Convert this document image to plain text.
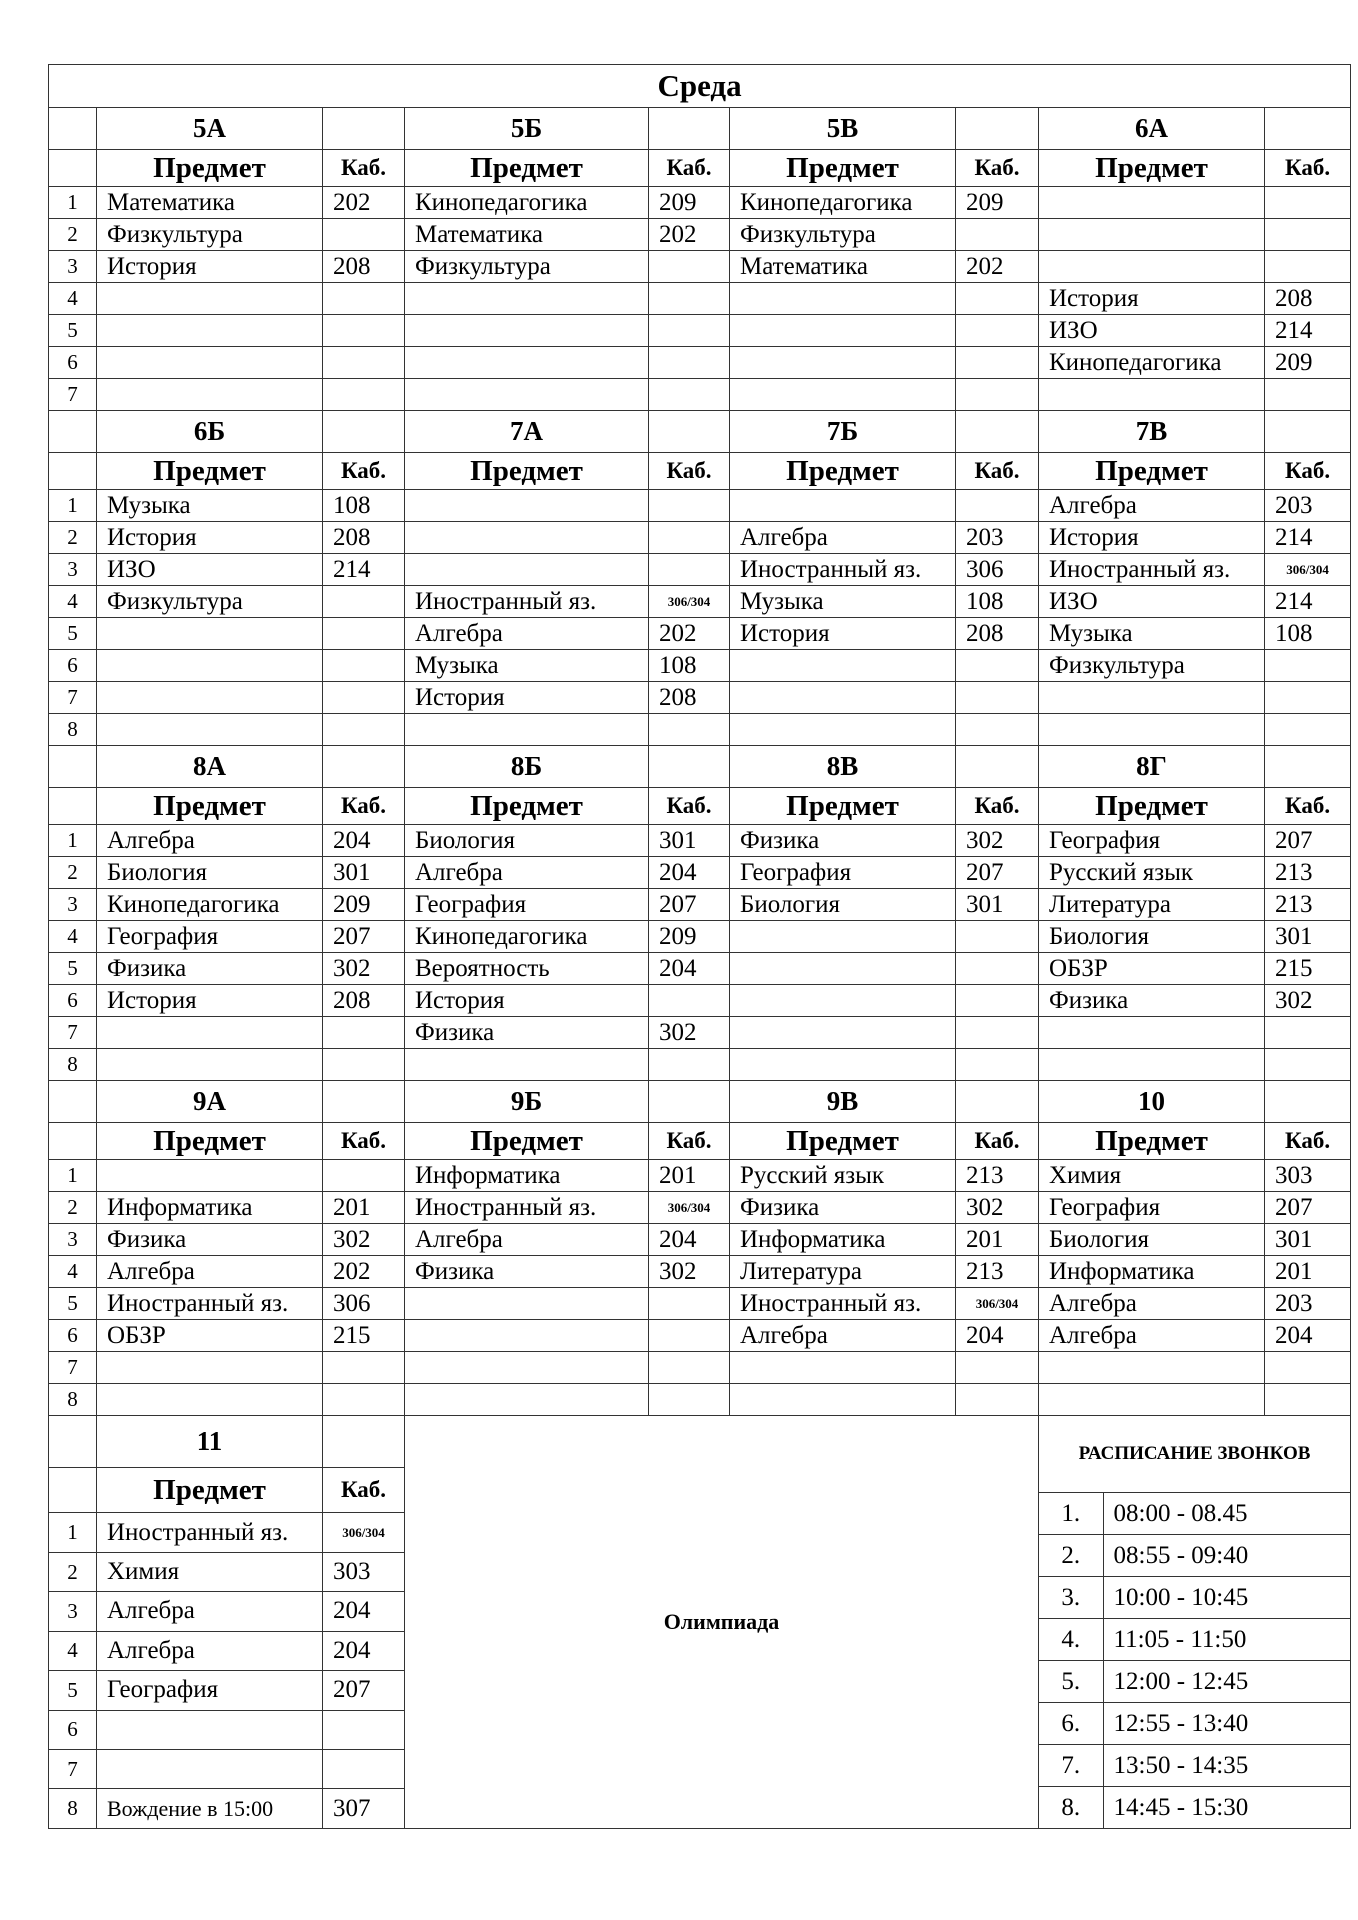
Среда
	5А		5Б		5В		6А	
	Предмет	Каб.	Предмет	Каб.	Предмет	Каб.	Предмет	Каб.
1	Математика	202	Кинопедагогика	209	Кинопедагогика	209		
2	Физкультура		Математика	202	Физкультура			
3	История	208	Физкультура		Математика	202		
4							История	208
5							ИЗО	214
6							Кинопедагогика	209
7								
	6Б		7А		7Б		7В	
	Предмет	Каб.	Предмет	Каб.	Предмет	Каб.	Предмет	Каб.
1	Музыка	108					Алгебра	203
2	История	208			Алгебра	203	История	214
3	ИЗО	214			Иностранный яз.	306	Иностранный яз.	306/304
4	Физкультура		Иностранный яз.	306/304	Музыка	108	ИЗО	214
5			Алгебра	202	История	208	Музыка	108
6			Музыка	108			Физкультура	
7			История	208				
8								
	8А		8Б		8В		8Г	
	Предмет	Каб.	Предмет	Каб.	Предмет	Каб.	Предмет	Каб.
1	Алгебра	204	Биология	301	Физика	302	География	207
2	Биология	301	Алгебра	204	География	207	Русский язык	213
3	Кинопедагогика	209	География	207	Биология	301	Литература	213
4	География	207	Кинопедагогика	209			Биология	301
5	Физика	302	Вероятность	204			ОБЗР	215
6	История	208	История				Физика	302
7			Физика	302				
8								
	9А		9Б		9В		10	
	Предмет	Каб.	Предмет	Каб.	Предмет	Каб.	Предмет	Каб.
1			Информатика	201	Русский язык	213	Химия	303
2	Информатика	201	Иностранный яз.	306/304	Физика	302	География	207
3	Физика	302	Алгебра	204	Информатика	201	Биология	301
4	Алгебра	202	Физика	302	Литература	213	Информатика	201
5	Иностранный яз.	306			Иностранный яз.	306/304	Алгебра	203
6	ОБЗР	215			Алгебра	204	Алгебра	204
7								
8								
	11		Олимпиада	
РАСПИСАНИЕ ЗВОНКОВ
1.	08:00 - 08.45
2.	08:55 - 09:40
3.	10:00 - 10:45
4.	11:05 - 11:50
5.	12:00 - 12:45
6.	12:55 - 13:40
7.	13:50 - 14:35
8.	14:45 - 15:30

	Предмет	Каб.
1	Иностранный яз.	306/304
2	Химия	303
3	Алгебра	204
4	Алгебра	204
5	География	207
6		
7		
8	Вождение в 15:00	307
